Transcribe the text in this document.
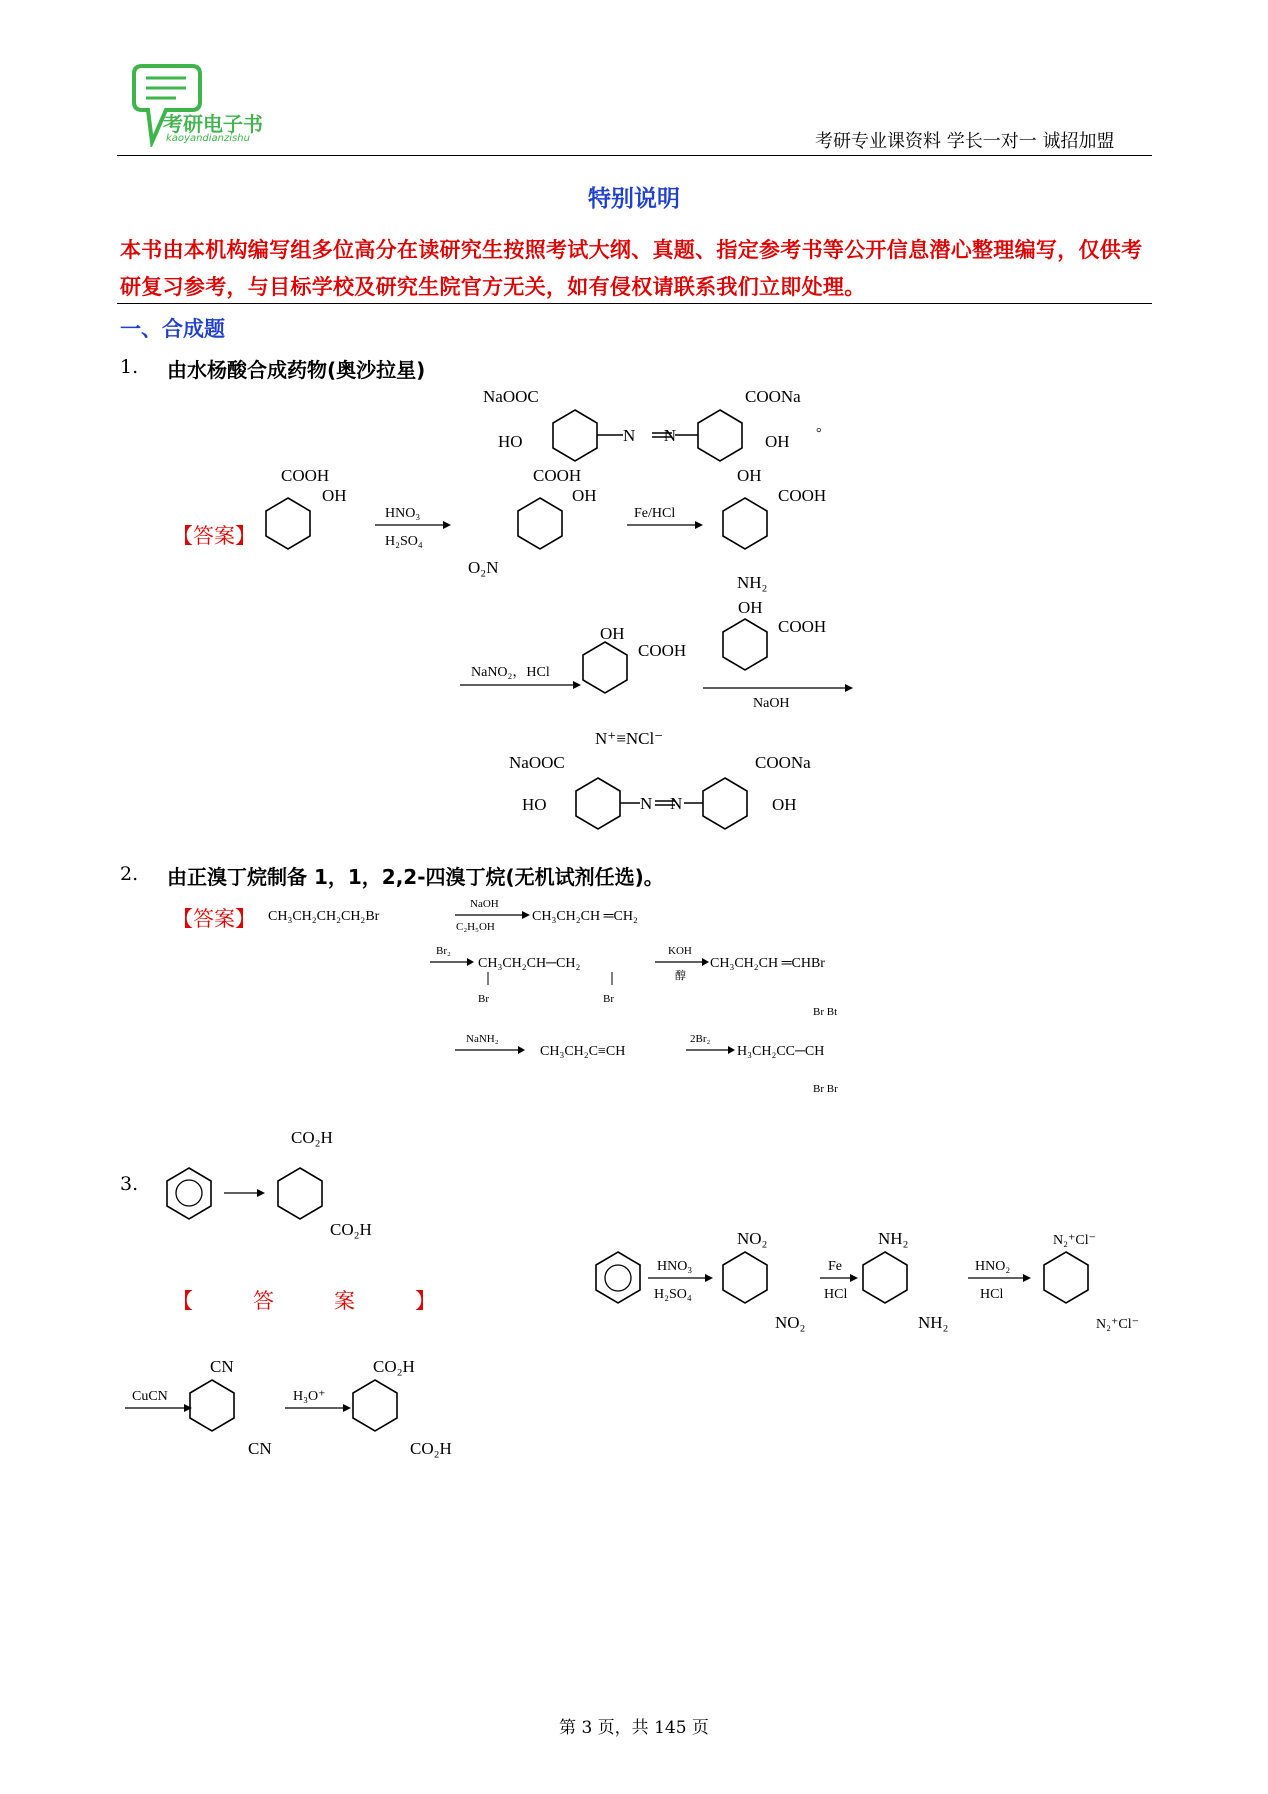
考研电子书
kaoyandianzishu	考研专业课资料 学长一对一 诚招加盟
特别说明
本书由本机构编写组多位高分在读研究生按照考试大纲、真题、指定参考书等公开信息潜心整理编写，仅供考研复习参考，与目标学校及研究生院官方无关，如有侵权请联系我们立即处理。
一、合成题
1. 由水杨酸合成药物(奥沙拉星)
【答案】
N N
NaOOC	COONa
HO	OH °
COOH
OH
HNO₃
H₂SO₄
COOH
OH
O₂N
Fe/HCl
OH
COOH
NH₂
NaNO₂，HCl
OH
COOH
N⁺≡NCl⁻
OH
COOH
NaOH
N N
NaOOC	COONa
HO	OH
2. 由正溴丁烷制备 1，1，2,2-四溴丁烷(无机试剂任选)。
【答案】 CH₃CH₂CH₂CH₂Br
NaOH
C₂H₅OH
CH₃CH₂CH ═CH₂
Br₂
CH₃CH₂CH─CH₂
Br	Br
KOH
醇
CH₃CH₂CH ═CHBr
NaNH₂
CH₃CH₂C≡CH
2Br₂
H₃CH₂CC─CH
Br Bt
Br Br
3.
【　　答　　案　　】
CO₂H
CO₂H
HNO₃
H₂SO₄
NO₂
NO₂
Fe
HCl
NH₂
NH₂
HNO₂
HCl
N₂⁺Cl⁻
N₂⁺Cl⁻
CuCN
CN
CN
H₃O⁺
CO₂H
CO₂H
第 3 页，共 145 页
